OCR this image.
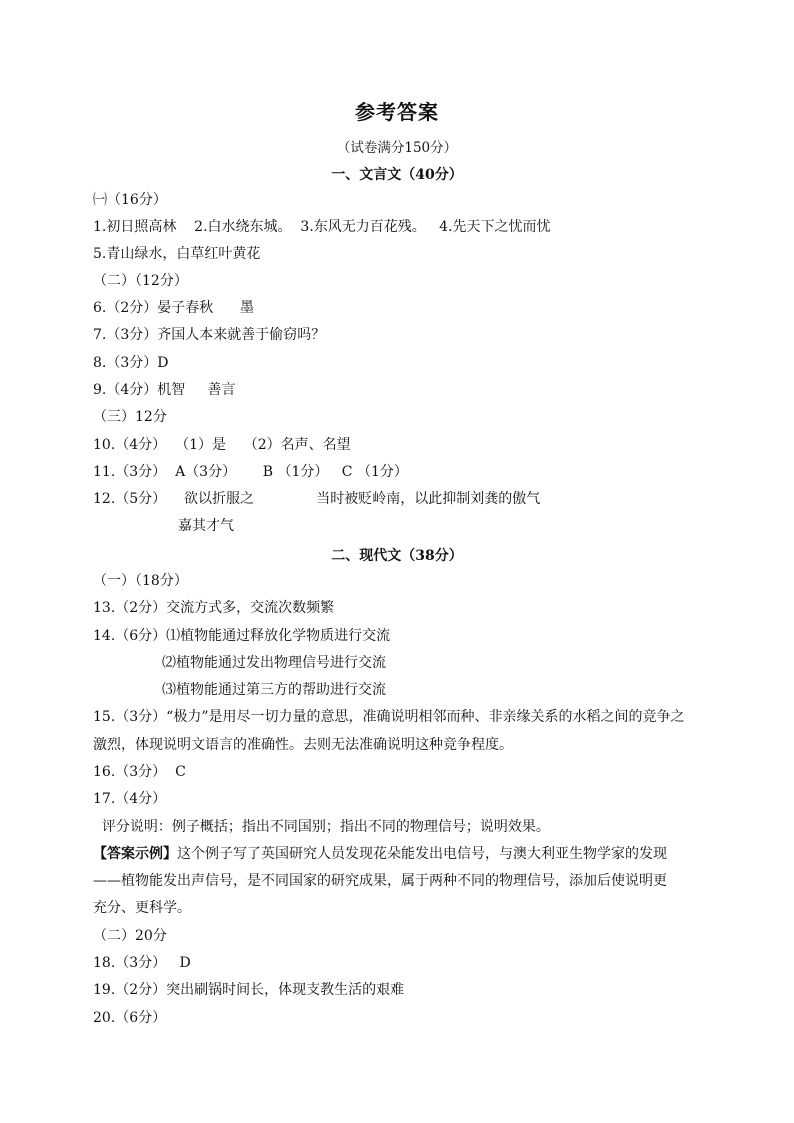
参考答案
（试卷满分150分）
一、文言文（40分）
㈠（16分）
1.初日照高林    2.白水绕东城。  3.东风无力百花残。   4.先天下之忧而忧
5.青山绿水，白草红叶黄花
（二）（12分）
6.（2分）晏子春秋      墨
7.（3分）齐国人本来就善于偷窃吗？
8.（3分）D
9.（4分）机智     善言
（三）12分
10.（4分）  （1）是    （2）名声、名望
11.（3分）  A（3分）      B （1分）   C （1分）
12.（5分）    欲以折服之              当时被贬岭南，以此抑制刘龚的傲气
嘉其才气
二、现代文（38分）
（一）（18分）
13.（2分）交流方式多，交流次数频繁
14.（6分）⑴植物能通过释放化学物质进行交流
⑵植物能通过发出物理信号进行交流
⑶植物能通过第三方的帮助进行交流
15.（3分）“极力”是用尽一切力量的意思，准确说明相邻而种、非亲缘关系的水稻之间的竞争之
激烈，体现说明文语言的准确性。去则无法准确说明这种竞争程度。
16.（3分）  C
17.（4分）
评分说明：例子概括；指出不同国别；指出不同的物理信号；说明效果。
【答案示例】这个例子写了英国研究人员发现花朵能发出电信号，与澳大利亚生物学家的发现
——植物能发出声信号，是不同国家的研究成果，属于两种不同的物理信号，添加后使说明更
充分、更科学。
（二）20分
18.（3分）   D
19.（2分）突出刷锅时间长，体现支教生活的艰难
20.（6分）
